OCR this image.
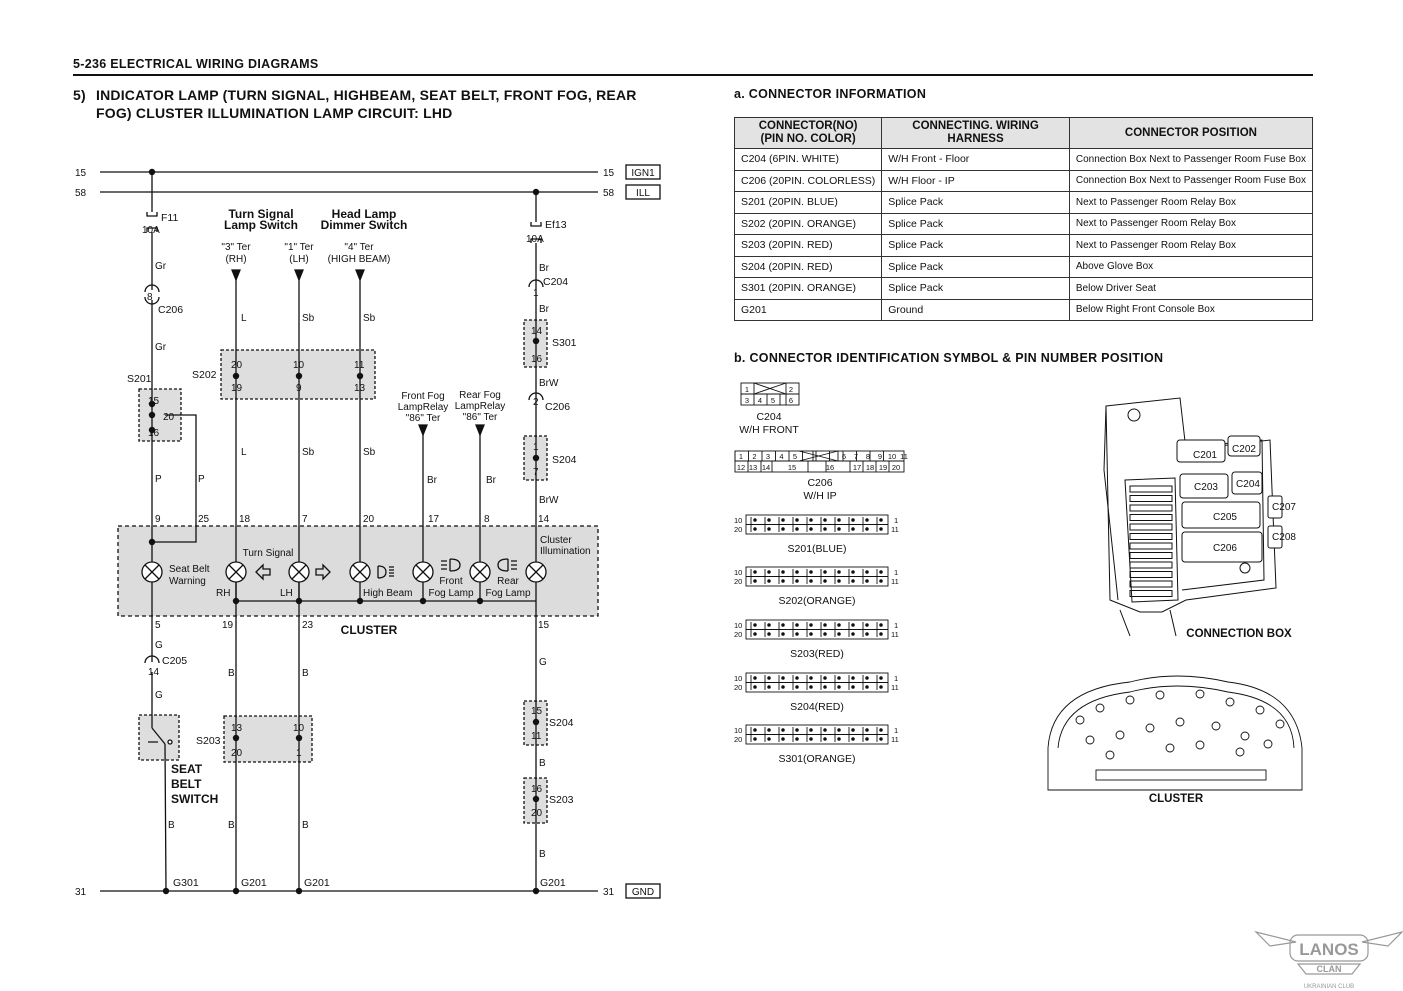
5-236 ELECTRICAL WIRING DIAGRAMS
5) INDICATOR LAMP (TURN SIGNAL, HIGHBEAM, SEAT BELT, FRONT FOG, REAR
FOG) CLUSTER ILLUMINATION LAMP CIRCUIT: LHD
a. CONNECTOR INFORMATION
CONNECTOR(NO)
(PIN NO. COLOR)	CONNECTING. WIRING HARNESS	CONNECTOR POSITION
C204 (6PIN. WHITE)	W/H Front - Floor	Connection Box Next to Passenger Room Fuse Box
C206 (20PIN. COLORLESS)	W/H Floor - IP	Connection Box Next to Passenger Room Fuse Box
S201 (20PIN. BLUE)	Splice Pack	Next to Passenger Room Relay Box
S202 (20PIN. ORANGE)	Splice Pack	Next to Passenger Room Relay Box
S203 (20PIN. RED)	Splice Pack	Next to Passenger Room Relay Box
S204 (20PIN. RED)	Splice Pack	Above Glove Box
S301 (20PIN. ORANGE)	Splice Pack	Below Driver Seat
G201	Ground	Below Right Front Console Box
b. CONNECTOR IDENTIFICATION SYMBOL & PIN NUMBER POSITION
15
58
15
58
IGN1
ILL
31	31 GND
F11
10A	Ef13
10A
Turn Signal
Lamp Switch
Head Lamp
Dimmer Switch
"3" Ter
(RH)
"1" Ter
(LH)
"4" Ter
(HIGH BEAM)
Front Fog Rear Fog
LampRelay LampRelay
"86" Ter "86" Ter
Gr
Gr
P	P
L
L
Sb
Sb
Sb
Sb
Br	Br
Br
Br
BrW
BrW
G
G
G
B	B
B	B	B
B
B
S201	S202
S301
S204
S203
S204
S203
C206
C204
C206
C205
8
15
20
16
20
19
10
9
11
13
1
14
16
2
1
7
9	25	18	7	20	17	8	14
5	19	23	15
14
13
20
10
1
15
11
16
20
CLUSTER
Seat Belt
Warning
Turn Signal
RH	LH	High Beam
Front
Fog Lamp
Rear
Fog Lamp
Cluster
Illumination
SEAT
BELT
SWITCH
G301	G201	G201	G201
1	2
3 4 5 6
C204
W/H FRONT
1 2 3 4 5	6 7 8 9 10 11
12 13 14 15	16 17 18 19 20
C206
W/H IP
10
20
1
11
S201(BLUE)
10
20
1
11
S202(ORANGE)
10
20
1
11
S203(RED)
10
20
1
11
S204(RED)
10
20
1
11
S301(ORANGE)
C201
C202
C203 C204
C205
C206
C207
C208
CONNECTION BOX
CLUSTER
LANOS
CLAN
UKRAINIAN CLUB
